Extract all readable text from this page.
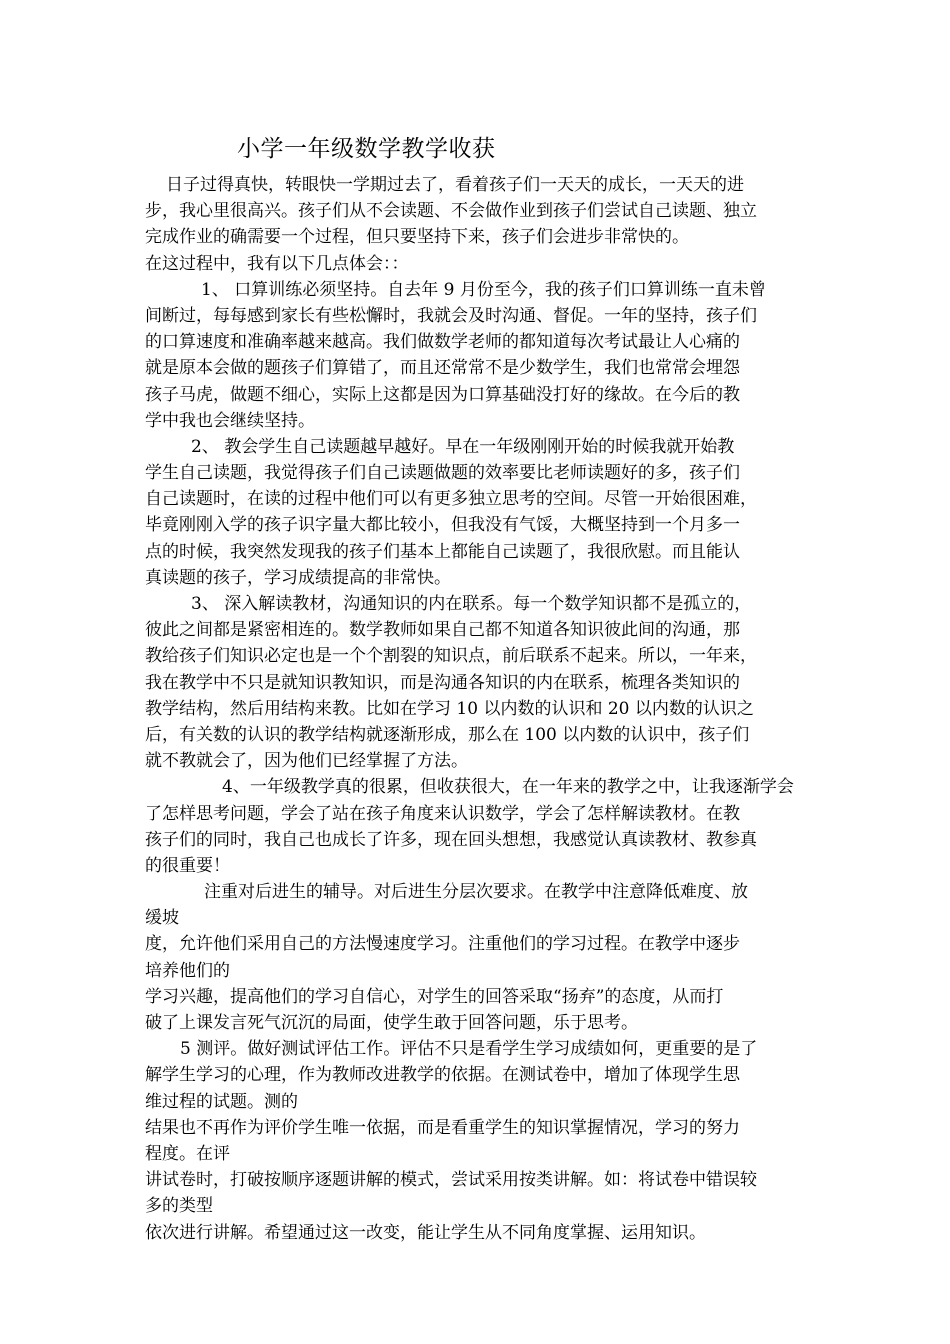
小学一年级数学教学收获
日子过得真快，转眼快一学期过去了，看着孩子们一天天的成长，一天天的进
步，我心里很高兴。孩子们从不会读题、不会做作业到孩子们尝试自己读题、独立
完成作业的确需要一个过程，但只要坚持下来，孩子们会进步非常快的。
在这过程中，我有以下几点体会：：
1、 口算训练必须坚持。自去年 9 月份至今，我的孩子们口算训练一直未曾
间断过，每每感到家长有些松懈时，我就会及时沟通、督促。一年的坚持，孩子们
的口算速度和准确率越来越高。我们做数学老师的都知道每次考试最让人心痛的
就是原本会做的题孩子们算错了，而且还常常不是少数学生，我们也常常会埋怨
孩子马虎，做题不细心，实际上这都是因为口算基础没打好的缘故。在今后的教
学中我也会继续坚持。
2、 教会学生自己读题越早越好。早在一年级刚刚开始的时候我就开始教
学生自己读题，我觉得孩子们自己读题做题的效率要比老师读题好的多，孩子们
自己读题时，在读的过程中他们可以有更多独立思考的空间。尽管一开始很困难，
毕竟刚刚入学的孩子识字量大都比较小，但我没有气馁，大概坚持到一个月多一
点的时候，我突然发现我的孩子们基本上都能自己读题了，我很欣慰。而且能认
真读题的孩子，学习成绩提高的非常快。
3、 深入解读教材，沟通知识的内在联系。每一个数学知识都不是孤立的，
彼此之间都是紧密相连的。数学教师如果自己都不知道各知识彼此间的沟通，那
教给孩子们知识必定也是一个个割裂的知识点，前后联系不起来。所以，一年来，
我在教学中不只是就知识教知识，而是沟通各知识的内在联系，梳理各类知识的
教学结构，然后用结构来教。比如在学习 10 以内数的认识和 20 以内数的认识之
后，有关数的认识的教学结构就逐渐形成，那么在 100 以内数的认识中，孩子们
就不教就会了，因为他们已经掌握了方法。
4、一年级教学真的很累，但收获很大，在一年来的教学之中，让我逐渐学会
了怎样思考问题，学会了站在孩子角度来认识数学，学会了怎样解读教材。在教
孩子们的同时，我自己也成长了许多，现在回头想想，我感觉认真读教材、教参真
的很重要！
注重对后进生的辅导。对后进生分层次要求。在教学中注意降低难度、放
缓坡
度，允许他们采用自己的方法慢速度学习。注重他们的学习过程。在教学中逐步
培养他们的
学习兴趣，提高他们的学习自信心，对学生的回答采取“扬弃”的态度，从而打
破了上课发言死气沉沉的局面，使学生敢于回答问题，乐于思考。
5 测评。做好测试评估工作。评估不只是看学生学习成绩如何，更重要的是了
解学生学习的心理，作为教师改进教学的依据。在测试卷中，增加了体现学生思
维过程的试题。测的
结果也不再作为评价学生唯一依据，而是看重学生的知识掌握情况，学习的努力
程度。在评
讲试卷时，打破按顺序逐题讲解的模式，尝试采用按类讲解。如：将试卷中错误较
多的类型
依次进行讲解。希望通过这一改变，能让学生从不同角度掌握、运用知识。
